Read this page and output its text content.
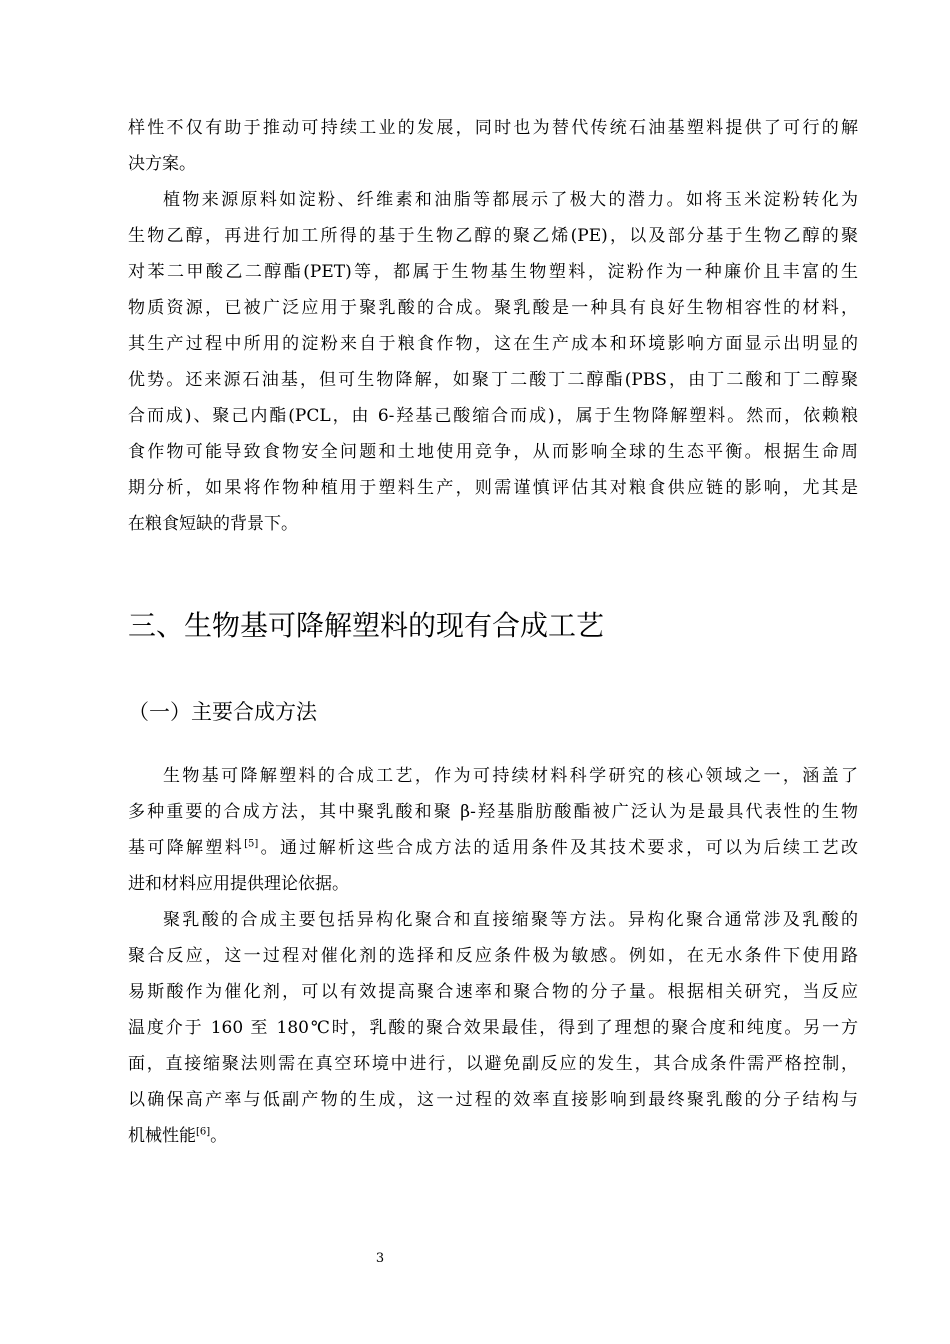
样性不仅有助于推动可持续工业的发展，同时也为替代传统石油基塑料提供了可行的解
决方案。
植物来源原料如淀粉、纤维素和油脂等都展示了极大的潜力。如将玉米淀粉转化为
生物乙醇，再进行加工所得的基于生物乙醇的聚乙烯(PE)，以及部分基于生物乙醇的聚
对苯二甲酸乙二醇酯(PET)等，都属于生物基生物塑料，淀粉作为一种廉价且丰富的生
物质资源，已被广泛应用于聚乳酸的合成。聚乳酸是一种具有良好生物相容性的材料，
其生产过程中所用的淀粉来自于粮食作物，这在生产成本和环境影响方面显示出明显的
优势。还来源石油基，但可生物降解，如聚丁二酸丁二醇酯(PBS，由丁二酸和丁二醇聚
合而成)、聚己内酯(PCL，由 6-羟基己酸缩合而成)，属于生物降解塑料。然而，依赖粮
食作物可能导致食物安全问题和土地使用竞争，从而影响全球的生态平衡。根据生命周
期分析，如果将作物种植用于塑料生产，则需谨慎评估其对粮食供应链的影响，尤其是
在粮食短缺的背景下。
三、生物基可降解塑料的现有合成工艺
（一）主要合成方法
生物基可降解塑料的合成工艺，作为可持续材料科学研究的核心领域之一，涵盖了
多种重要的合成方法，其中聚乳酸和聚 β-羟基脂肪酸酯被广泛认为是最具代表性的生物
基可降解塑料[5]。通过解析这些合成方法的适用条件及其技术要求，可以为后续工艺改
进和材料应用提供理论依据。
聚乳酸的合成主要包括异构化聚合和直接缩聚等方法。异构化聚合通常涉及乳酸的
聚合反应，这一过程对催化剂的选择和反应条件极为敏感。例如，在无水条件下使用路
易斯酸作为催化剂，可以有效提高聚合速率和聚合物的分子量。根据相关研究，当反应
温度介于 160 至 180℃时，乳酸的聚合效果最佳，得到了理想的聚合度和纯度。另一方
面，直接缩聚法则需在真空环境中进行，以避免副反应的发生，其合成条件需严格控制，
以确保高产率与低副产物的生成，这一过程的效率直接影响到最终聚乳酸的分子结构与
机械性能[6]。
3
